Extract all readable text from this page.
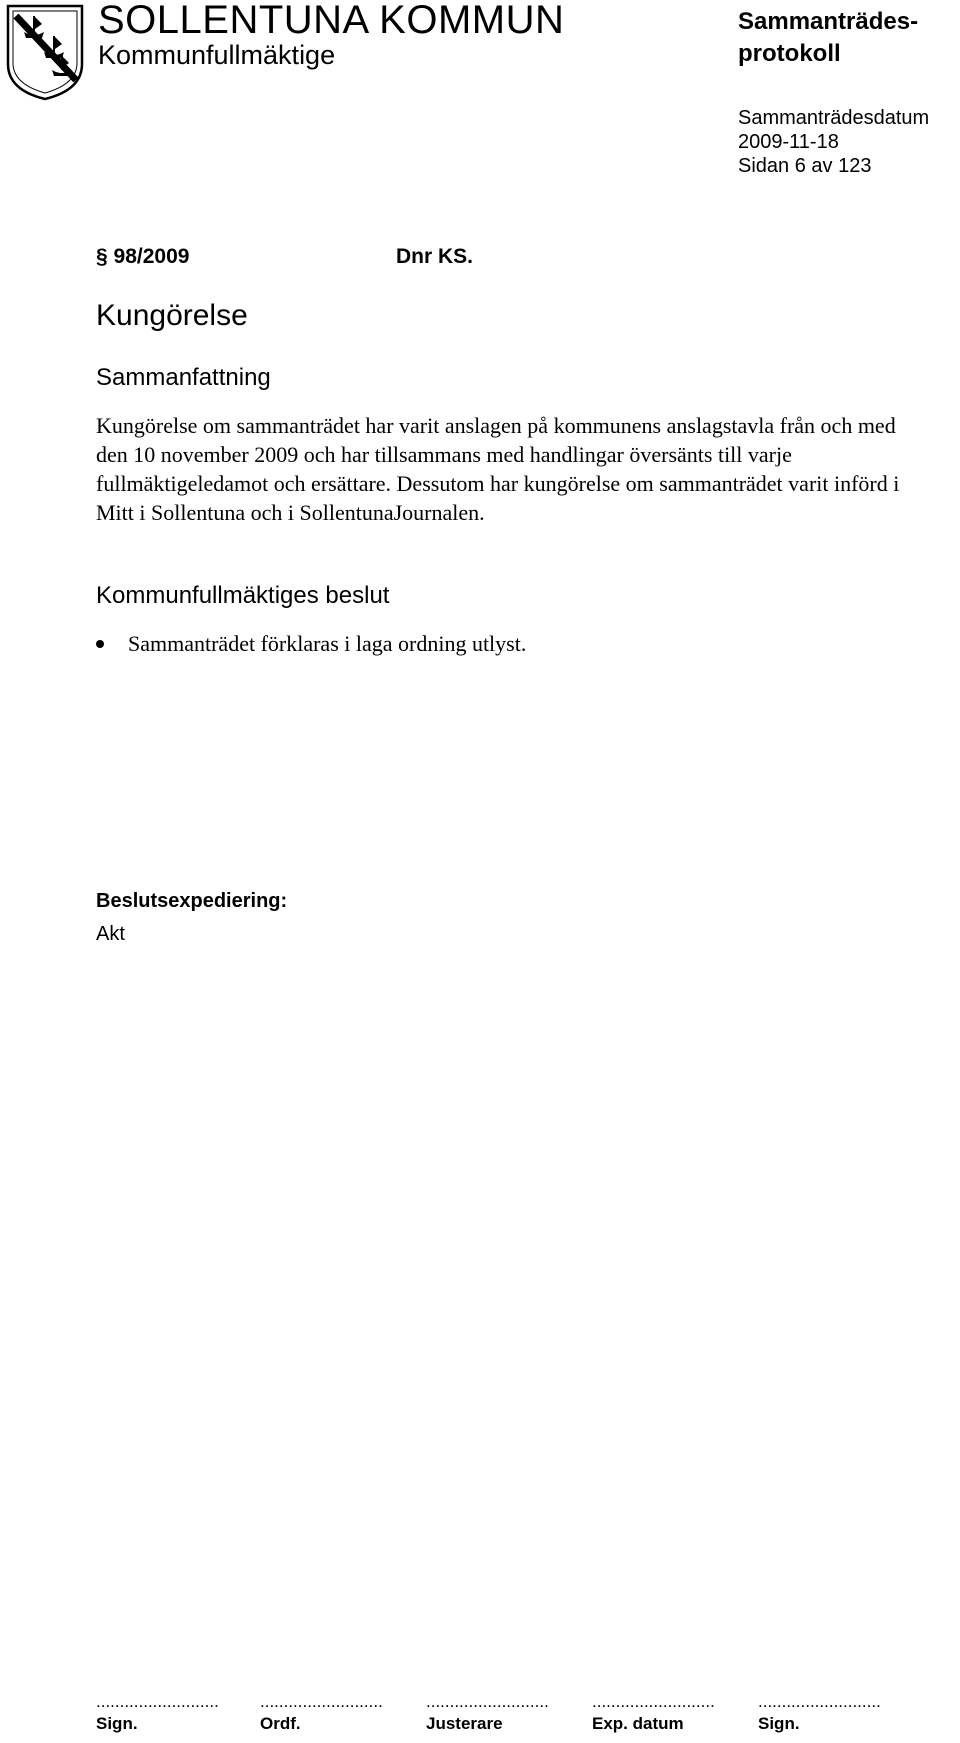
SOLLENTUNA KOMMUN
Kommunfullmäktige
Sammanträdes-
protokoll
Sammanträdesdatum
2009-11-18
Sidan 6 av 123
§ 98/2009	Dnr KS.
Kungörelse
Sammanfattning
Kungörelse om sammanträdet har varit anslagen på kommunens anslagstavla från och med den 10 november 2009 och har tillsammans med handlingar översänts till varje fullmäktigeledamot och ersättare. Dessutom har kungörelse om sammanträdet varit införd i Mitt i Sollentuna och i SollentunaJournalen.
Kommunfullmäktiges beslut
Sammanträdet förklaras i laga ordning utlyst.
Beslutsexpediering:
Akt
..........................
Sign.
..........................
Ordf.
..........................
Justerare
..........................
Exp. datum
..........................
Sign.
